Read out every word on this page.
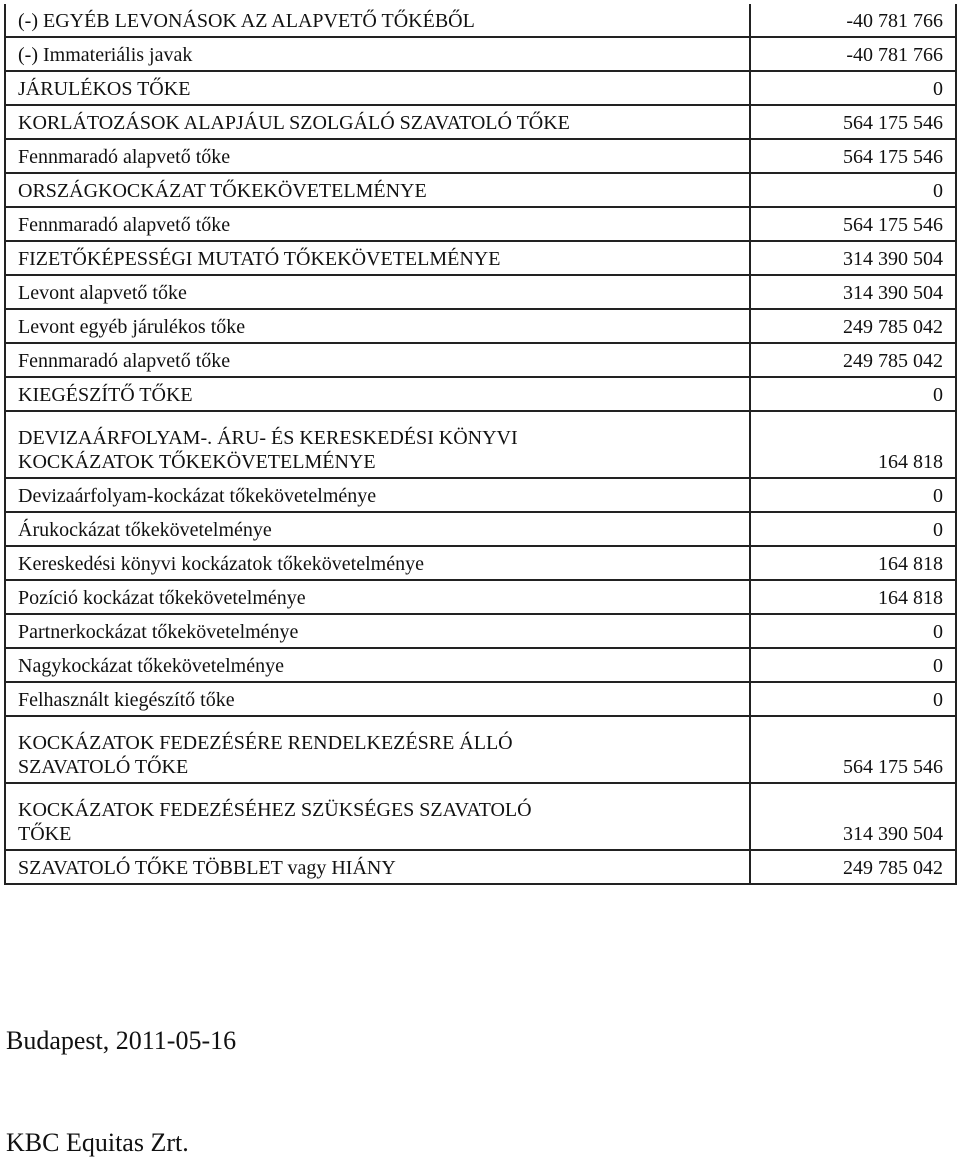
(-) EGYÉB LEVONÁSOK AZ ALAPVETŐ TŐKÉBŐL	-40 781 766
(-) Immateriális javak	-40 781 766
JÁRULÉKOS TŐKE	0
KORLÁTOZÁSOK ALAPJÁUL SZOLGÁLÓ SZAVATOLÓ TŐKE	564 175 546
Fennmaradó alapvető tőke	564 175 546
ORSZÁGKOCKÁZAT TŐKEKÖVETELMÉNYE	0
Fennmaradó alapvető tőke	564 175 546
FIZETŐKÉPESSÉGI MUTATÓ TŐKEKÖVETELMÉNYE	314 390 504
Levont alapvető tőke	314 390 504
Levont egyéb járulékos tőke	249 785 042
Fennmaradó alapvető tőke	249 785 042
KIEGÉSZÍTŐ TŐKE	0

DEVIZAÁRFOLYAM-. ÁRU- ÉS KERESKEDÉSI KÖNYVI
KOCKÁZATOK TŐKEKÖVETELMÉNYE	164 818
Devizaárfolyam-kockázat tőkekövetelménye	0
Árukockázat tőkekövetelménye	0
Kereskedési könyvi kockázatok tőkekövetelménye	164 818
Pozíció kockázat tőkekövetelménye	164 818
Partnerkockázat tőkekövetelménye	0
Nagykockázat tőkekövetelménye	0
Felhasznált kiegészítő tőke	0

KOCKÁZATOK FEDEZÉSÉRE RENDELKEZÉSRE ÁLLÓ
SZAVATOLÓ TŐKE	564 175 546

KOCKÁZATOK FEDEZÉSÉHEZ SZÜKSÉGES SZAVATOLÓ
TŐKE	314 390 504
SZAVATOLÓ TŐKE TÖBBLET vagy HIÁNY	249 785 042
Budapest, 2011-05-16
KBC Equitas Zrt.
